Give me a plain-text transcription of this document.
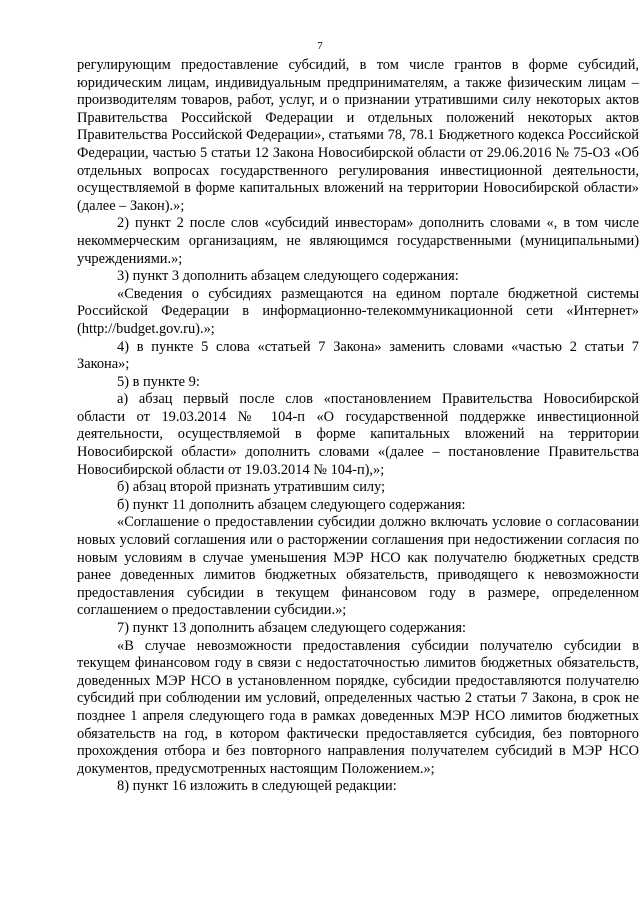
7

регулирующим предоставление субсидий, в том числе грантов в форме субсидий, юридическим лицам, индивидуальным предпринимателям, а также физическим лицам – производителям товаров, работ, услуг, и о признании утратившими силу некоторых актов Правительства Российской Федерации и отдельных положений некоторых актов Правительства Российской Федерации», статьями 78, 78.1 Бюджетного кодекса Российской Федерации, частью 5 статьи 12 Закона Новосибирской области от 29.06.2016 № 75-ОЗ «Об отдельных вопросах государственного регулирования инвестиционной деятельности, осуществляемой в форме капитальных вложений на территории Новосибирской области» (далее – Закон).»;

2) пункт 2 после слов «субсидий инвесторам» дополнить словами «, в том числе некоммерческим организациям, не являющимся государственными (муниципальными) учреждениями.»;

3) пункт 3 дополнить абзацем следующего содержания:

«Сведения о субсидиях размещаются на едином портале бюджетной системы Российской Федерации в информационно-телекоммуникационной сети «Интернет» (http://budget.gov.ru).»;

4) в пункте 5 слова «статьей 7 Закона» заменить словами «частью 2 статьи 7 Закона»;

5) в пункте 9:

а) абзац первый после слов «постановлением Правительства Новосибирской области от 19.03.2014 № 104-п «О государственной поддержке инвестиционной деятельности, осуществляемой в форме капитальных вложений на территории Новосибирской области» дополнить словами «(далее – постановление Правительства Новосибирской области от 19.03.2014 № 104-п),»;

б) абзац второй признать утратившим силу;

б) пункт 11 дополнить абзацем следующего содержания:

«Соглашение о предоставлении субсидии должно включать условие о согласовании новых условий соглашения или о расторжении соглашения при недостижении согласия по новым условиям в случае уменьшения МЭР НСО как получателю бюджетных средств ранее доведенных лимитов бюджетных обязательств, приводящего к невозможности предоставления субсидии в текущем финансовом году в размере, определенном соглашением о предоставлении субсидии.»;

7) пункт 13 дополнить абзацем следующего содержания:

«В случае невозможности предоставления субсидии получателю субсидии в текущем финансовом году в связи с недостаточностью лимитов бюджетных обязательств, доведенных МЭР НСО в установленном порядке, субсидии предоставляются получателю субсидий при соблюдении им условий, определенных частью 2 статьи 7 Закона, в срок не позднее 1 апреля следующего года в рамках доведенных МЭР НСО лимитов бюджетных обязательств на год, в котором фактически предоставляется субсидия, без повторного прохождения отбора и без повторного направления получателем субсидий в МЭР НСО документов, предусмотренных настоящим Положением.»;

8) пункт 16 изложить в следующей редакции:
